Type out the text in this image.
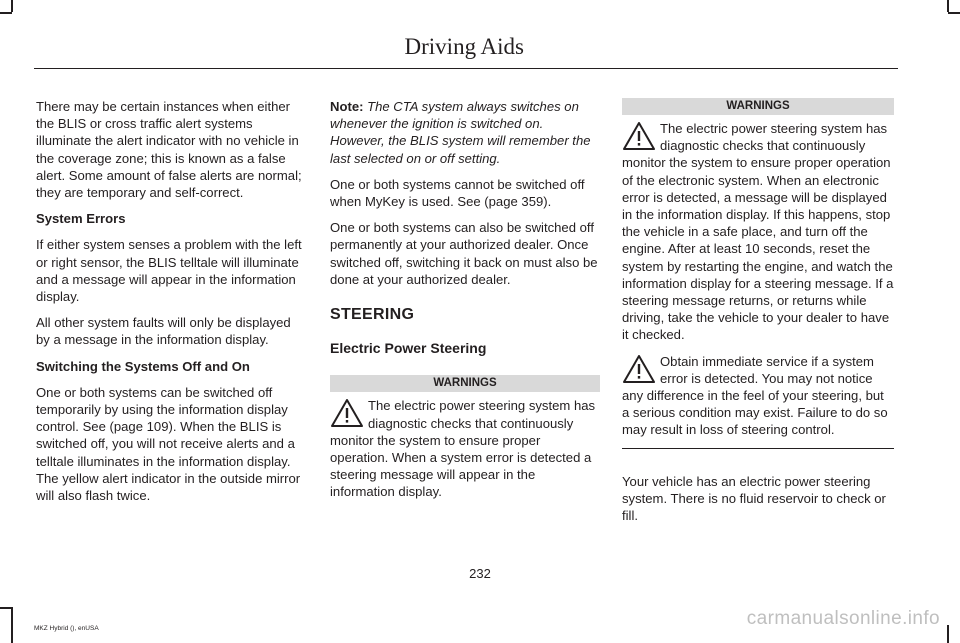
Driving Aids

There may be certain instances when either the BLIS or cross traffic alert systems illuminate the alert indicator with no vehicle in the coverage zone; this is known as a false alert. Some amount of false alerts are normal; they are temporary and self-correct.

System Errors

If either system senses a problem with the left or right sensor, the BLIS telltale will illuminate and a message will appear in the information display.

All other system faults will only be displayed by a message in the information display.

Switching the Systems Off and On

One or both systems can be switched off temporarily by using the information display control. See (page 109). When the BLIS is switched off, you will not receive alerts and a telltale illuminates in the information display. The yellow alert indicator in the outside mirror will also flash twice.

Note: The CTA system always switches on whenever the ignition is switched on. However, the BLIS system will remember the last selected on or off setting.

One or both systems cannot be switched off when MyKey is used. See (page 359).

One or both systems can also be switched off permanently at your authorized dealer. Once switched off, switching it back on must also be done at your authorized dealer.

STEERING
Electric Power Steering
WARNINGS
The electric power steering system has diagnostic checks that continuously monitor the system to ensure proper operation. When a system error is detected a steering message will appear in the information display.
WARNINGS
The electric power steering system has diagnostic checks that continuously monitor the system to ensure proper operation of the electronic system. When an electronic error is detected, a message will be displayed in the information display. If this happens, stop the vehicle in a safe place, and turn off the engine. After at least 10 seconds, reset the system by restarting the engine, and watch the information display for a steering message. If a steering message returns, or returns while driving, take the vehicle to your dealer to have it checked.
Obtain immediate service if a system error is detected. You may not notice any difference in the feel of your steering, but a serious condition may exist. Failure to do so may result in loss of steering control.

Your vehicle has an electric power steering system. There is no fluid reservoir to check or fill.

232
MKZ Hybrid (), enUSA	carmanualsonline.info
